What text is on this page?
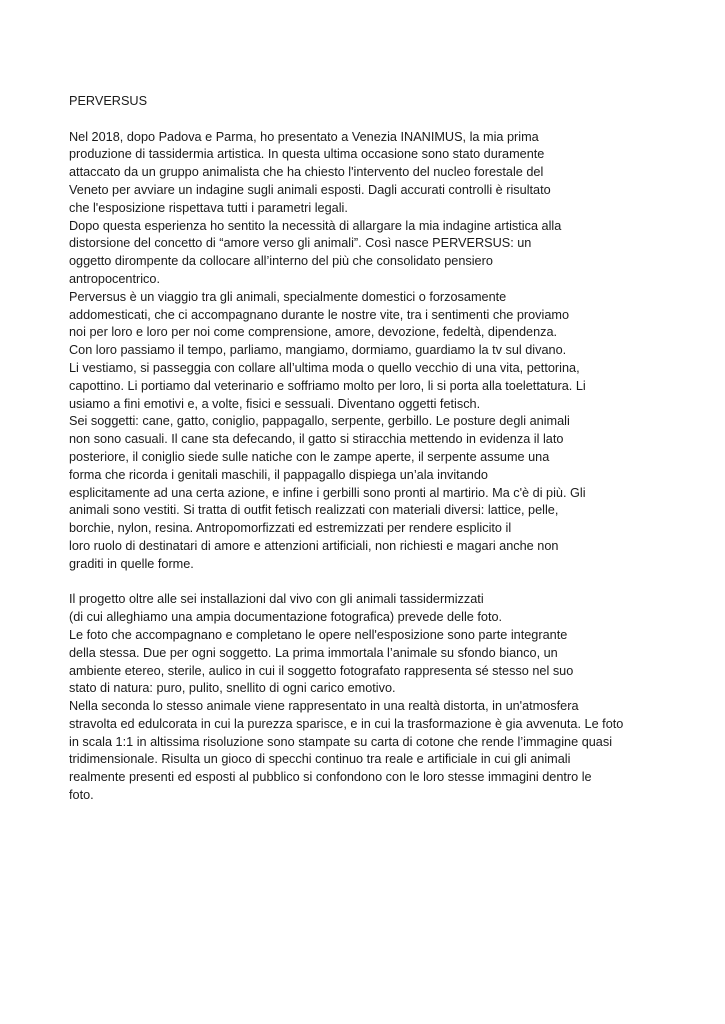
PERVERSUS
Nel 2018, dopo Padova e Parma, ho presentato a Venezia INANIMUS, la mia prima
produzione di tassidermia artistica. In questa ultima occasione sono stato duramente
attaccato da un gruppo animalista che ha chiesto l'intervento del nucleo forestale del
Veneto per avviare un indagine sugli animali esposti. Dagli accurati controlli è risultato
che l'esposizione rispettava tutti i parametri legali.
Dopo questa esperienza ho sentito la necessità di allargare la mia indagine artistica alla
distorsione del concetto di “amore verso gli animali”. Così nasce PERVERSUS: un
oggetto dirompente da collocare all’interno del più che consolidato pensiero
antropocentrico.
Perversus è un viaggio tra gli animali, specialmente domestici o forzosamente
addomesticati, che ci accompagnano durante le nostre vite, tra i sentimenti che proviamo
noi per loro e loro per noi come comprensione, amore, devozione, fedeltà, dipendenza.
Con loro passiamo il tempo, parliamo, mangiamo, dormiamo, guardiamo la tv sul divano.
Li vestiamo, si passeggia con collare all’ultima moda o quello vecchio di una vita, pettorina,
capottino. Li portiamo dal veterinario e soffriamo molto per loro, li si porta alla toelettatura. Li
usiamo a fini emotivi e, a volte, fisici e sessuali. Diventano oggetti fetisch.
Sei soggetti: cane, gatto, coniglio, pappagallo, serpente, gerbillo. Le posture degli animali
non sono casuali. Il cane sta defecando, il gatto si stiracchia mettendo in evidenza il lato
posteriore, il coniglio siede sulle natiche con le zampe aperte, il serpente assume una
forma che ricorda i genitali maschili, il pappagallo dispiega un’ala invitando
esplicitamente ad una certa azione, e infine i gerbilli sono pronti al martirio. Ma c'è di più. Gli
animali sono vestiti. Si tratta di outfit fetisch realizzati con materiali diversi: lattice, pelle,
borchie, nylon, resina. Antropomorfizzati ed estremizzati per rendere esplicito il
loro ruolo di destinatari di amore e attenzioni artificiali, non richiesti e magari anche non
graditi in quelle forme.
Il progetto oltre alle sei installazioni dal vivo con gli animali tassidermizzati
(di cui alleghiamo una ampia documentazione fotografica) prevede delle foto.
Le foto che accompagnano e completano le opere nell'esposizione sono parte integrante
della stessa. Due per ogni soggetto. La prima immortala l’animale su sfondo bianco, un
ambiente etereo, sterile, aulico in cui il soggetto fotografato rappresenta sé stesso nel suo
stato di natura: puro, pulito, snellito di ogni carico emotivo.
Nella seconda lo stesso animale viene rappresentato in una realtà distorta, in un'atmosfera
stravolta ed edulcorata in cui la purezza sparisce, e in cui la trasformazione è gia avvenuta. Le foto
in scala 1:1 in altissima risoluzione sono stampate su carta di cotone che rende l’immagine quasi
tridimensionale. Risulta un gioco di specchi continuo tra reale e artificiale in cui gli animali
realmente presenti ed esposti al pubblico si confondono con le loro stesse immagini dentro le
foto.
